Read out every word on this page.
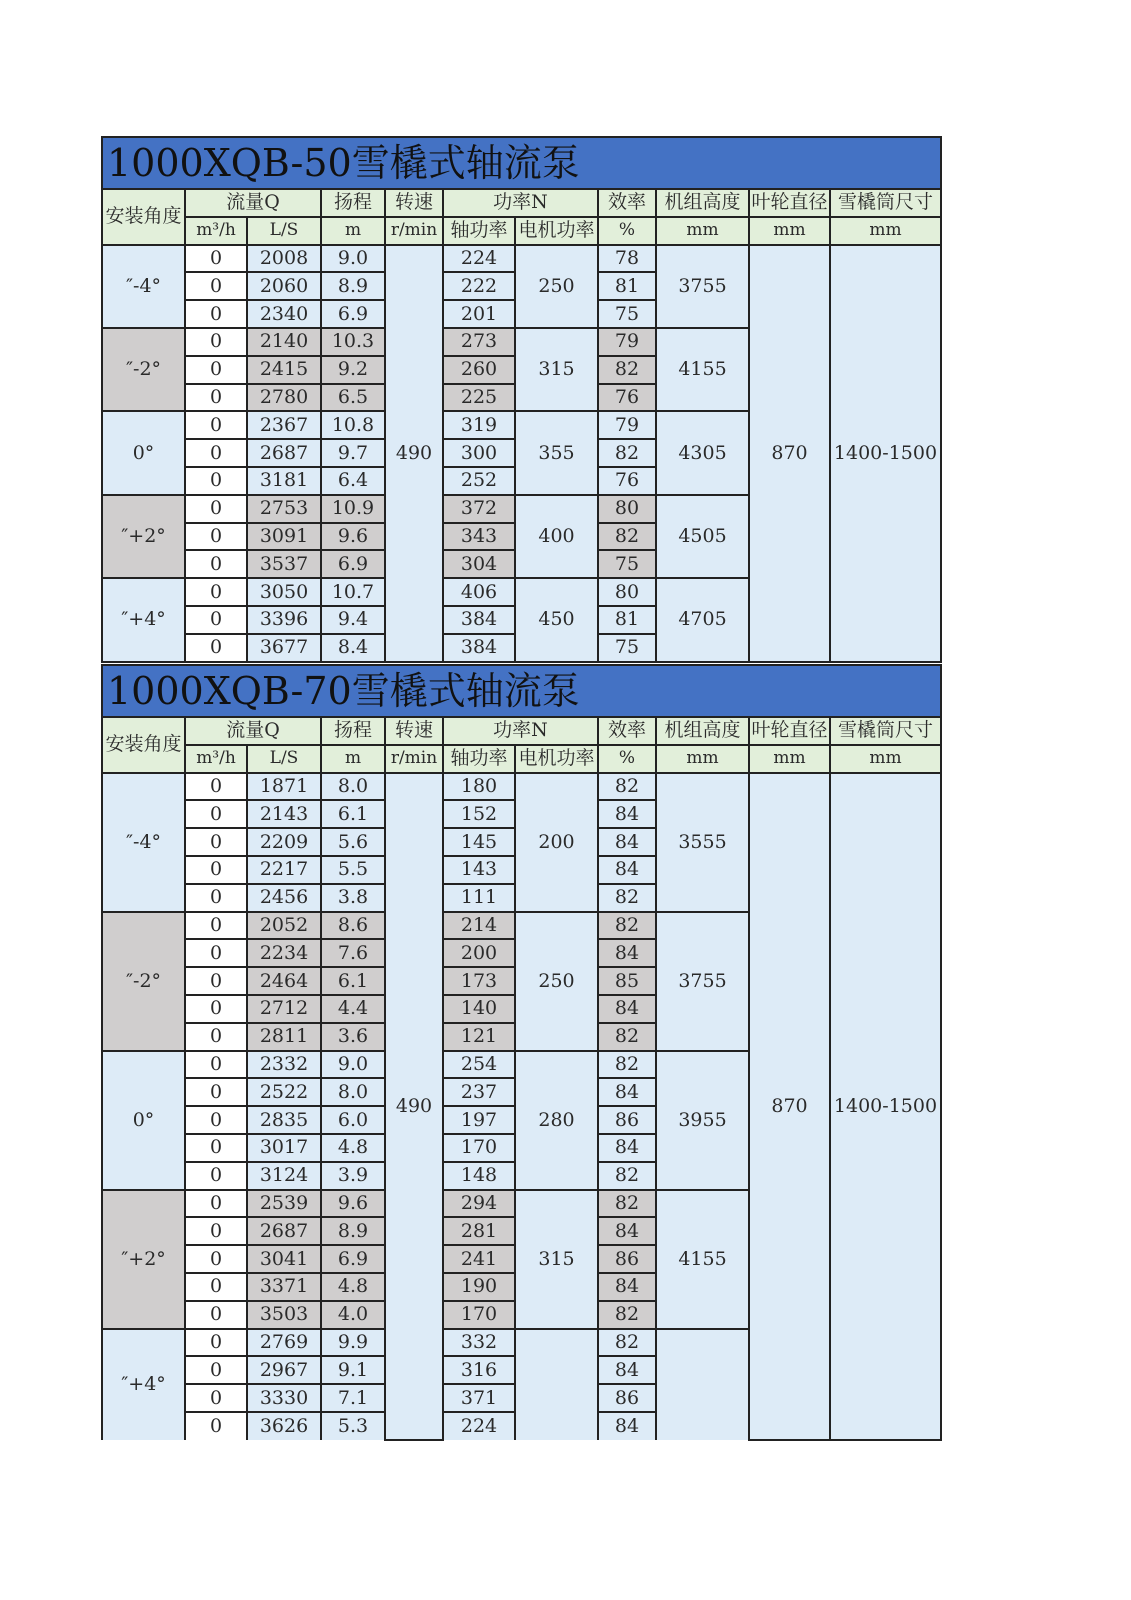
1000XQB-50雪橇式轴流泵										
安装角度	流量Q		扬程	转速	功率N		效率	机组高度	叶轮直径	雪橇筒尺寸
	m³/h	L/S	m	r/min	轴功率	电机功率	%	mm	mm	mm
″-4°	0	2008	9.0	490	224	250	78	3755	870	1400-1500
	0	2060	8.9		222		81			
	0	2340	6.9		201		75			
″-2°	0	2140	10.3		273	315	79	4155		
	0	2415	9.2		260		82			
	0	2780	6.5		225		76			
0°	0	2367	10.8		319	355	79	4305		
	0	2687	9.7		300		82			
	0	3181	6.4		252		76			
″+2°	0	2753	10.9		372	400	80	4505		
	0	3091	9.6		343		82			
	0	3537	6.9		304		75			
″+4°	0	3050	10.7		406	450	80	4705		
	0	3396	9.4		384		81			
	0	3677	8.4		384		75			
1000XQB-70雪橇式轴流泵										
安装角度	流量Q		扬程	转速	功率N		效率	机组高度	叶轮直径	雪橇筒尺寸
	m³/h	L/S	m	r/min	轴功率	电机功率	%	mm	mm	mm
″-4°	0	1871	8.0	490	180	200	82	3555	870	1400-1500
	0	2143	6.1		152		84			
	0	2209	5.6		145		84			
	0	2217	5.5		143		84			
	0	2456	3.8		111		82			
″-2°	0	2052	8.6		214	250	82	3755		
	0	2234	7.6		200		84			
	0	2464	6.1		173		85			
	0	2712	4.4		140		84			
	0	2811	3.6		121		82			
0°	0	2332	9.0		254	280	82	3955		
	0	2522	8.0		237		84			
	0	2835	6.0		197		86			
	0	3017	4.8		170		84			
	0	3124	3.9		148		82			
″+2°	0	2539	9.6		294	315	82	4155		
	0	2687	8.9		281		84			
	0	3041	6.9		241		86			
	0	3371	4.8		190		84			
	0	3503	4.0		170		82			
″+4°	0	2769	9.9		332		82			
	0	2967	9.1		316		84			
	0	3330	7.1		371		86			
	0	3626	5.3		224		84			
